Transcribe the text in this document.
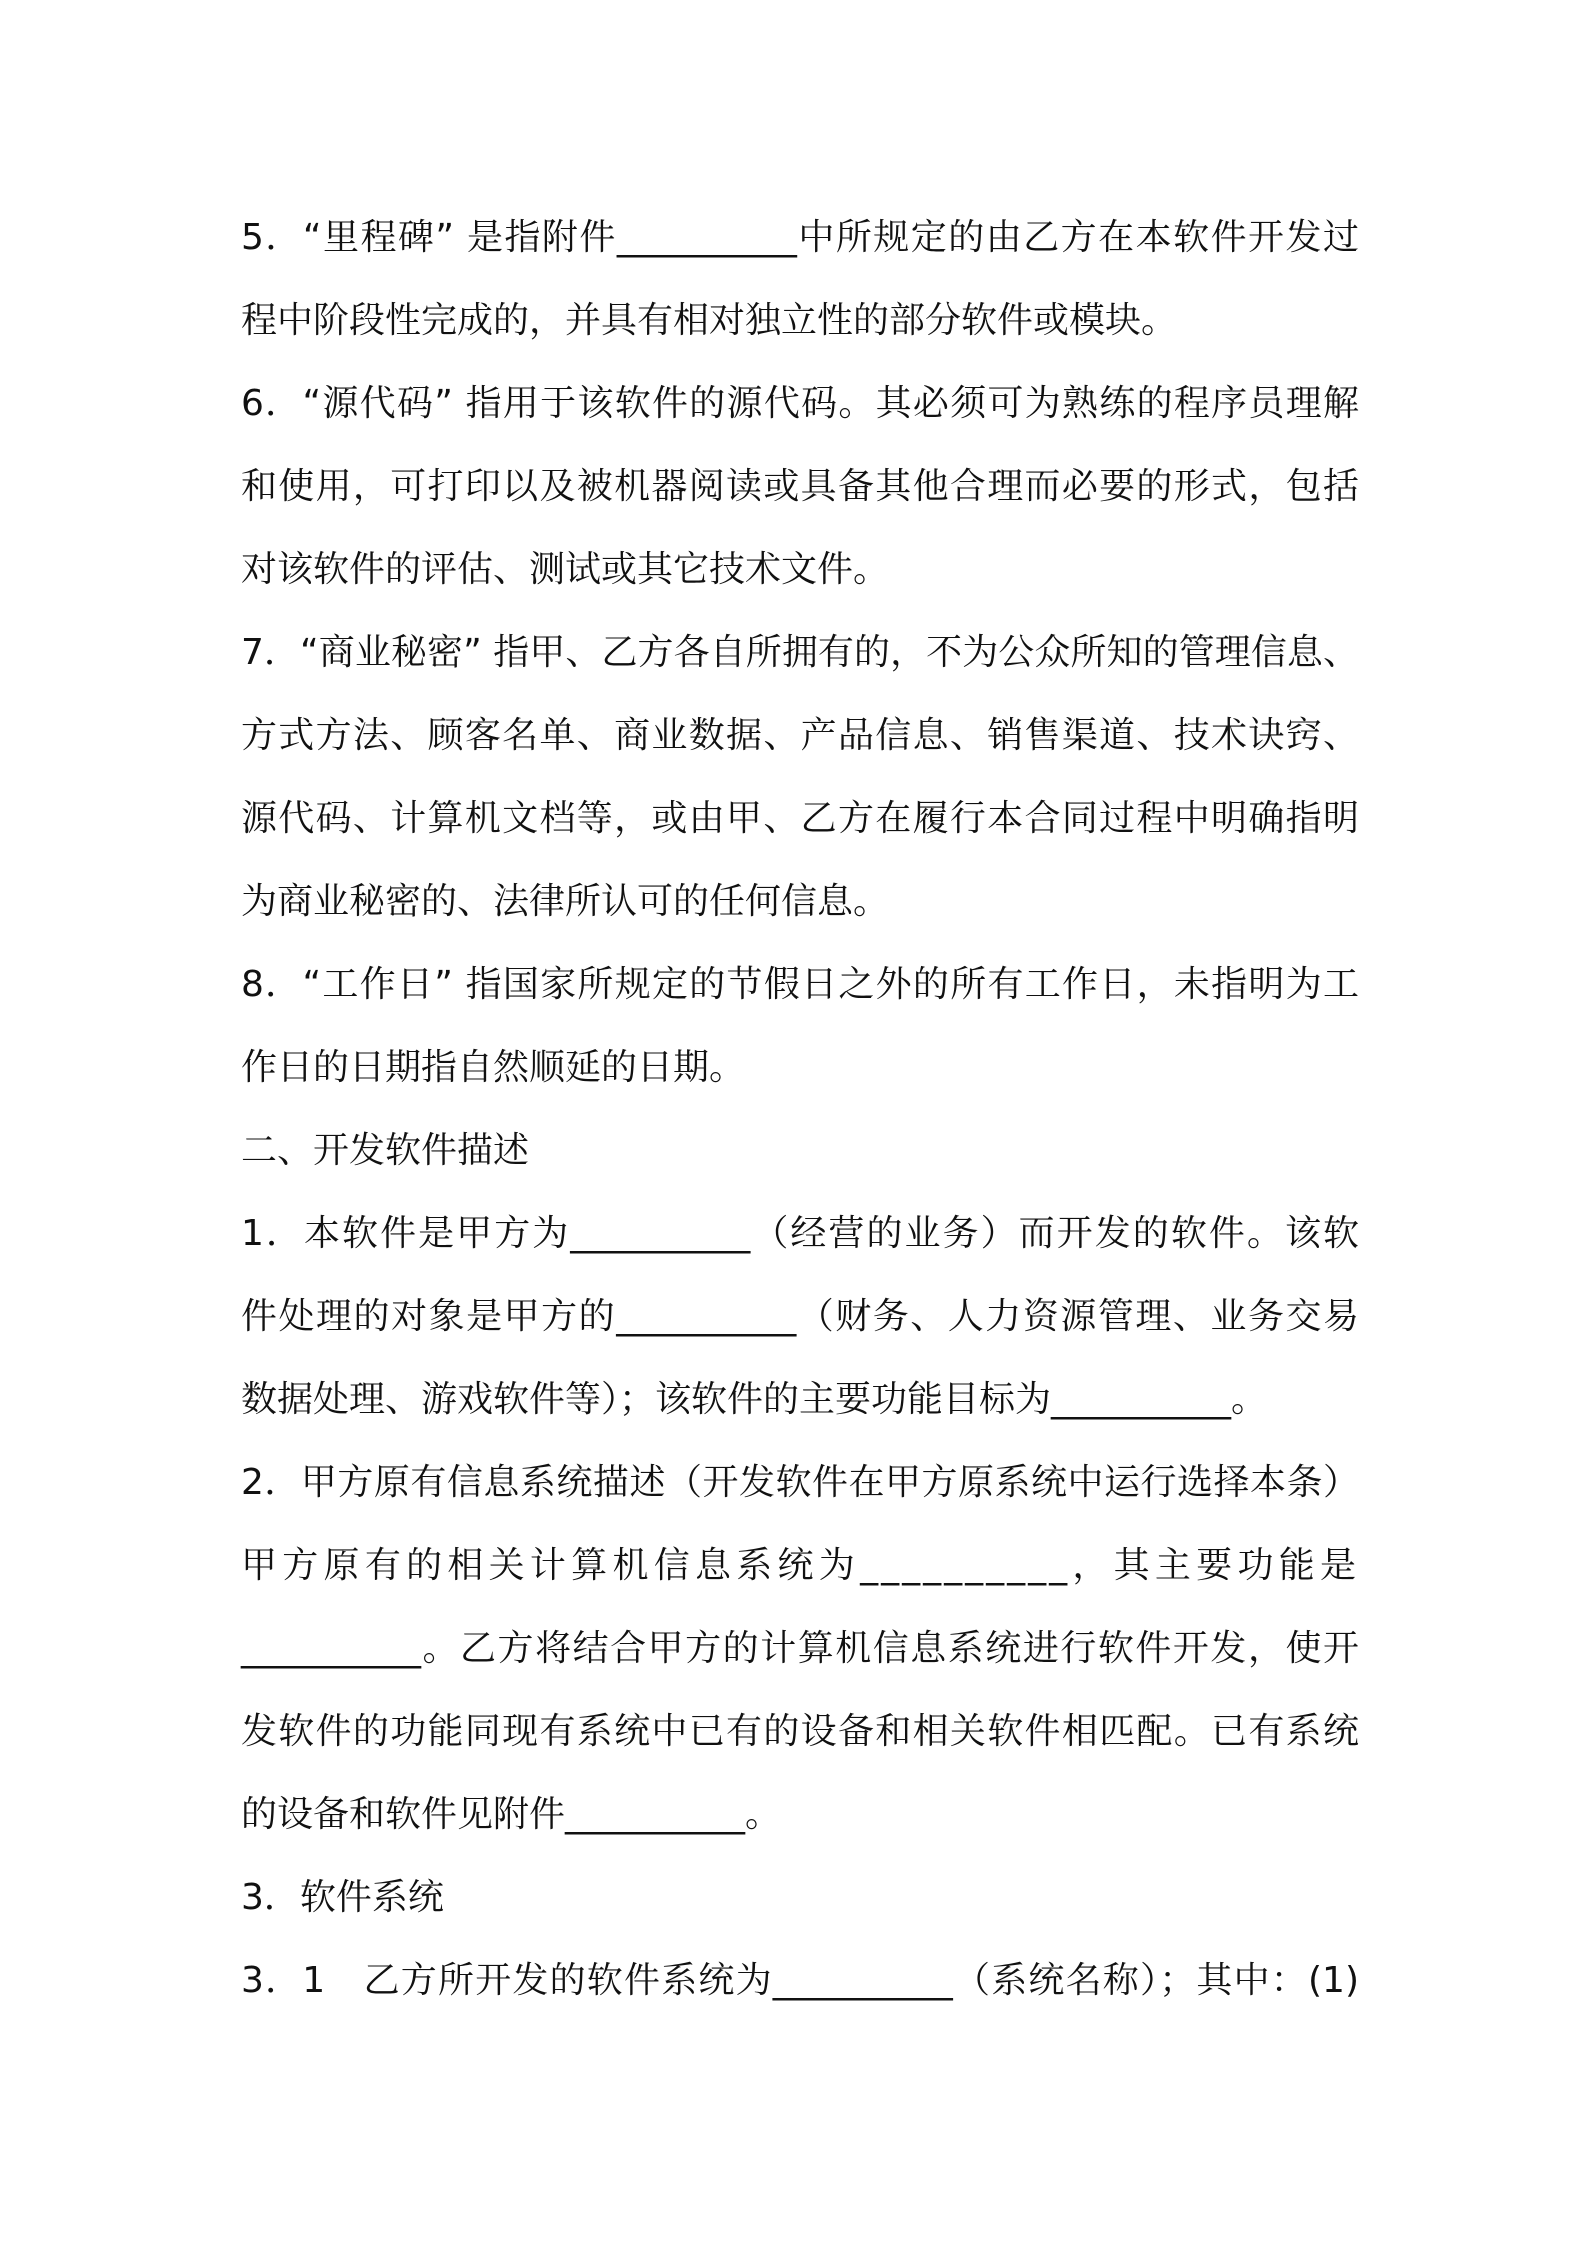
5．“里程碑” 是指附件__________中所规定的由乙方在本软件开发过
程中阶段性完成的，并具有相对独立性的部分软件或模块。
6．“源代码” 指用于该软件的源代码。其必须可为熟练的程序员理解
和使用，可打印以及被机器阅读或具备其他合理而必要的形式，包括
对该软件的评估、测试或其它技术文件。
7．“商业秘密” 指甲、乙方各自所拥有的，不为公众所知的管理信息、
方式方法、顾客名单、商业数据、产品信息、销售渠道、技术诀窍、
源代码、计算机文档等，或由甲、乙方在履行本合同过程中明确指明
为商业秘密的、法律所认可的任何信息。
8．“工作日” 指国家所规定的节假日之外的所有工作日，未指明为工
作日的日期指自然顺延的日期。
二、开发软件描述
1．本软件是甲方为__________（经营的业务）而开发的软件。该软
件处理的对象是甲方的__________（财务、人力资源管理、业务交易
数据处理、游戏软件等）；该软件的主要功能目标为__________。
2．甲方原有信息系统描述（开发软件在甲方原系统中运行选择本条）
甲方原有的相关计算机信息系统为__________，其主要功能是
__________。乙方将结合甲方的计算机信息系统进行软件开发，使开
发软件的功能同现有系统中已有的设备和相关软件相匹配。已有系统
的设备和软件见附件__________。
3．软件系统
3．1　乙方所开发的软件系统为__________（系统名称）；其中：(1)
